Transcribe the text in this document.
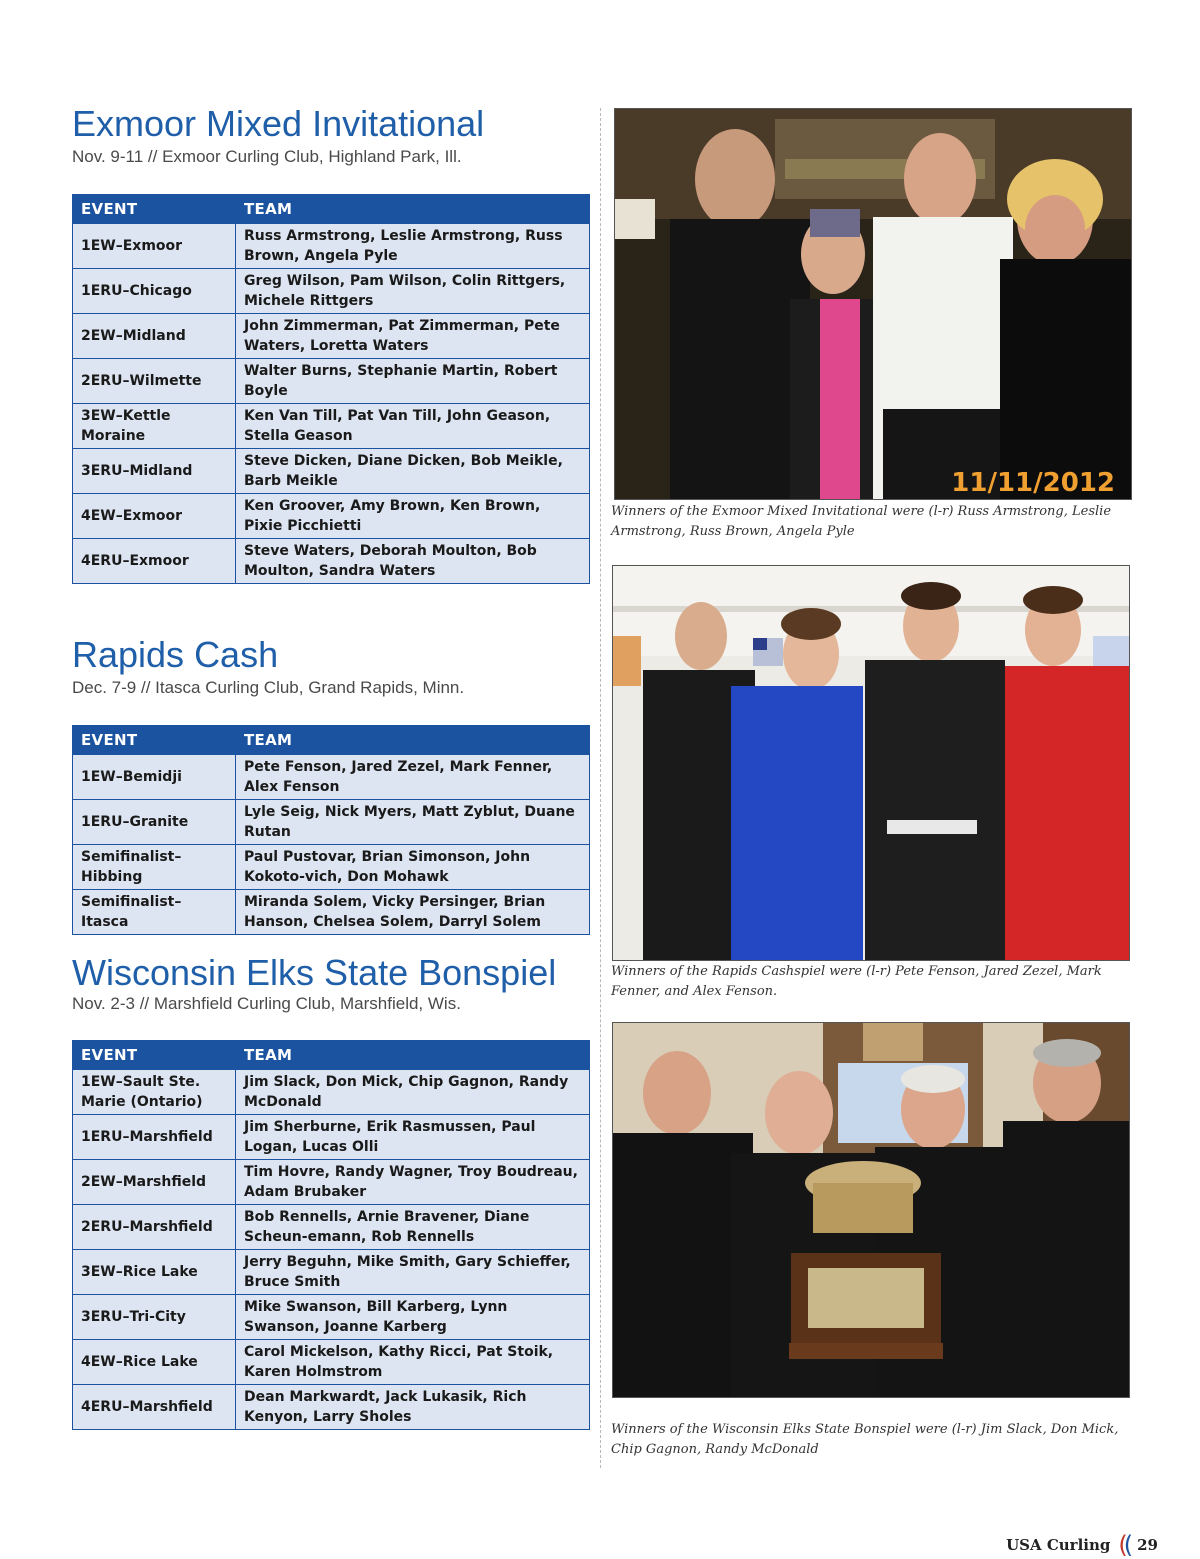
Exmoor Mixed Invitational

Nov. 9-11 // Exmoor Curling Club, Highland Park, Ill.

EVENT	TEAM
1EW–Exmoor	Russ Armstrong, Leslie Armstrong, Russ Brown, Angela Pyle
1ERU–Chicago	Greg Wilson, Pam Wilson, Colin Rittgers, Michele Rittgers
2EW–Midland	John Zimmerman, Pat Zimmerman, Pete Waters, Loretta Waters
2ERU–Wilmette	Walter Burns, Stephanie Martin, Robert Boyle
3EW–Kettle Moraine	Ken Van Till, Pat Van Till, John Geason, Stella Geason
3ERU–Midland	Steve Dicken, Diane Dicken, Bob Meikle, Barb Meikle
4EW–Exmoor	Ken Groover, Amy Brown, Ken Brown, Pixie Picchietti
4ERU–Exmoor	Steve Waters, Deborah Moulton, Bob Moulton, Sandra Waters
Rapids Cash

Dec. 7-9 // Itasca Curling Club, Grand Rapids, Minn.

EVENT	TEAM
1EW–Bemidji	Pete Fenson, Jared Zezel, Mark Fenner, Alex Fenson
1ERU–Granite	Lyle Seig, Nick Myers, Matt Zyblut, Duane Rutan
Semifinalist–Hibbing	Paul Pustovar, Brian Simonson, John Kokoto-vich, Don Mohawk
Semifinalist–Itasca	Miranda Solem, Vicky Persinger, Brian Hanson, Chelsea Solem, Darryl Solem
Wisconsin Elks State Bonspiel

Nov. 2-3 // Marshfield Curling Club, Marshfield, Wis.

EVENT	TEAM
1EW–Sault Ste. Marie (Ontario)	Jim Slack, Don Mick, Chip Gagnon, Randy McDonald
1ERU–Marshfield	Jim Sherburne, Erik Rasmussen, Paul Logan, Lucas Olli
2EW–Marshfield	Tim Hovre, Randy Wagner, Troy Boudreau, Adam Brubaker
2ERU–Marshfield	Bob Rennells, Arnie Bravener, Diane Scheun-emann, Rob Rennells
3EW–Rice Lake	Jerry Beguhn, Mike Smith, Gary Schieffer, Bruce Smith
3ERU–Tri-City	Mike Swanson, Bill Karberg, Lynn Swanson, Joanne Karberg
4EW–Rice Lake	Carol Mickelson, Kathy Ricci, Pat Stoik, Karen Holmstrom
4ERU–Marshfield	Dean Markwardt, Jack Lukasik, Rich Kenyon, Larry Sholes
11/11/2012

Winners of the Exmoor Mixed Invitational were (l-r) Russ Armstrong, Leslie Armstrong, Russ Brown, Angela Pyle

Winners of the Rapids Cashspiel were (l-r) Pete Fenson, Jared Zezel, Mark Fenner, and Alex Fenson.

Winners of the Wisconsin Elks State Bonspiel were (l-r) Jim Slack, Don Mick, Chip Gagnon, Randy McDonald

USA Curling (( 29
